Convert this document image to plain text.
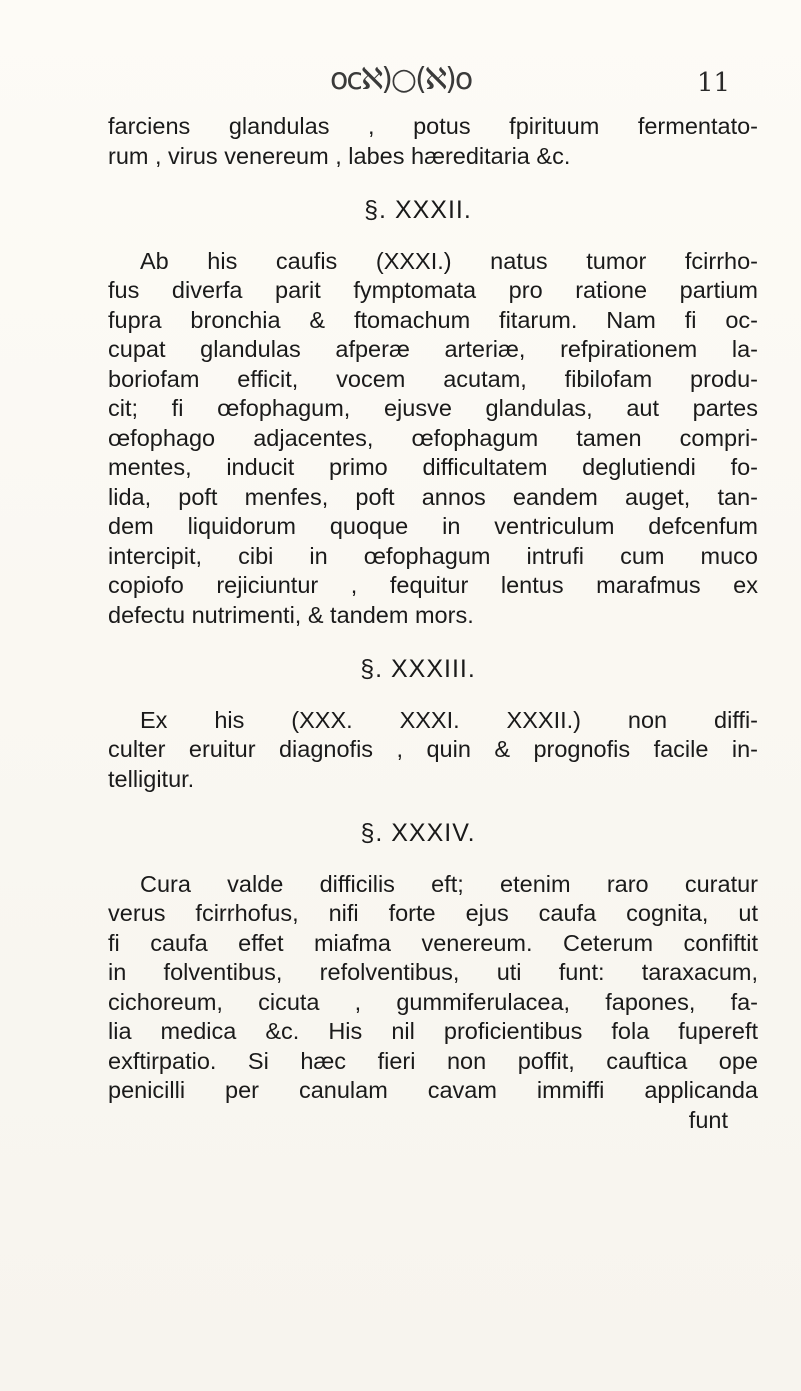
ocℵ)○(ℵ)o	11
farciens glandulas , potus fpirituum fermentato-
rum , virus venereum , labes hæreditaria &c.
§. XXXII.
Ab his caufis (XXXI.) natus tumor fcirrho-
fus diverfa parit fymptomata pro ratione partium
fupra bronchia & ftomachum fitarum. Nam fi oc-
cupat glandulas afperæ arteriæ, refpirationem la-
boriofam efficit, vocem acutam, fibilofam produ-
cit; fi œfophagum, ejusve glandulas, aut partes
œfophago adjacentes, œfophagum tamen compri-
mentes, inducit primo difficultatem deglutiendi fo-
lida, poft menfes, poft annos eandem auget, tan-
dem liquidorum quoque in ventriculum defcenfum
intercipit, cibi in œfophagum intrufi cum muco
copiofo rejiciuntur , fequitur lentus marafmus ex
defectu nutrimenti, & tandem mors.
§. XXXIII.
Ex his (XXX. XXXI. XXXII.) non diffi-
culter eruitur diagnofis , quin & prognofis facile in-
telligitur.
§. XXXIV.
Cura valde difficilis eft; etenim raro curatur
verus fcirrhofus, nifi forte ejus caufa cognita, ut
fi caufa effet miafma venereum. Ceterum confiftit
in folventibus, refolventibus, uti funt: taraxacum,
cichoreum, cicuta , gummiferulacea, fapones, fa-
lia medica &c. His nil proficientibus fola fupereft
exftirpatio. Si hæc fieri non poffit, cauftica ope
penicilli per canulam cavam immiffi applicanda
funt
